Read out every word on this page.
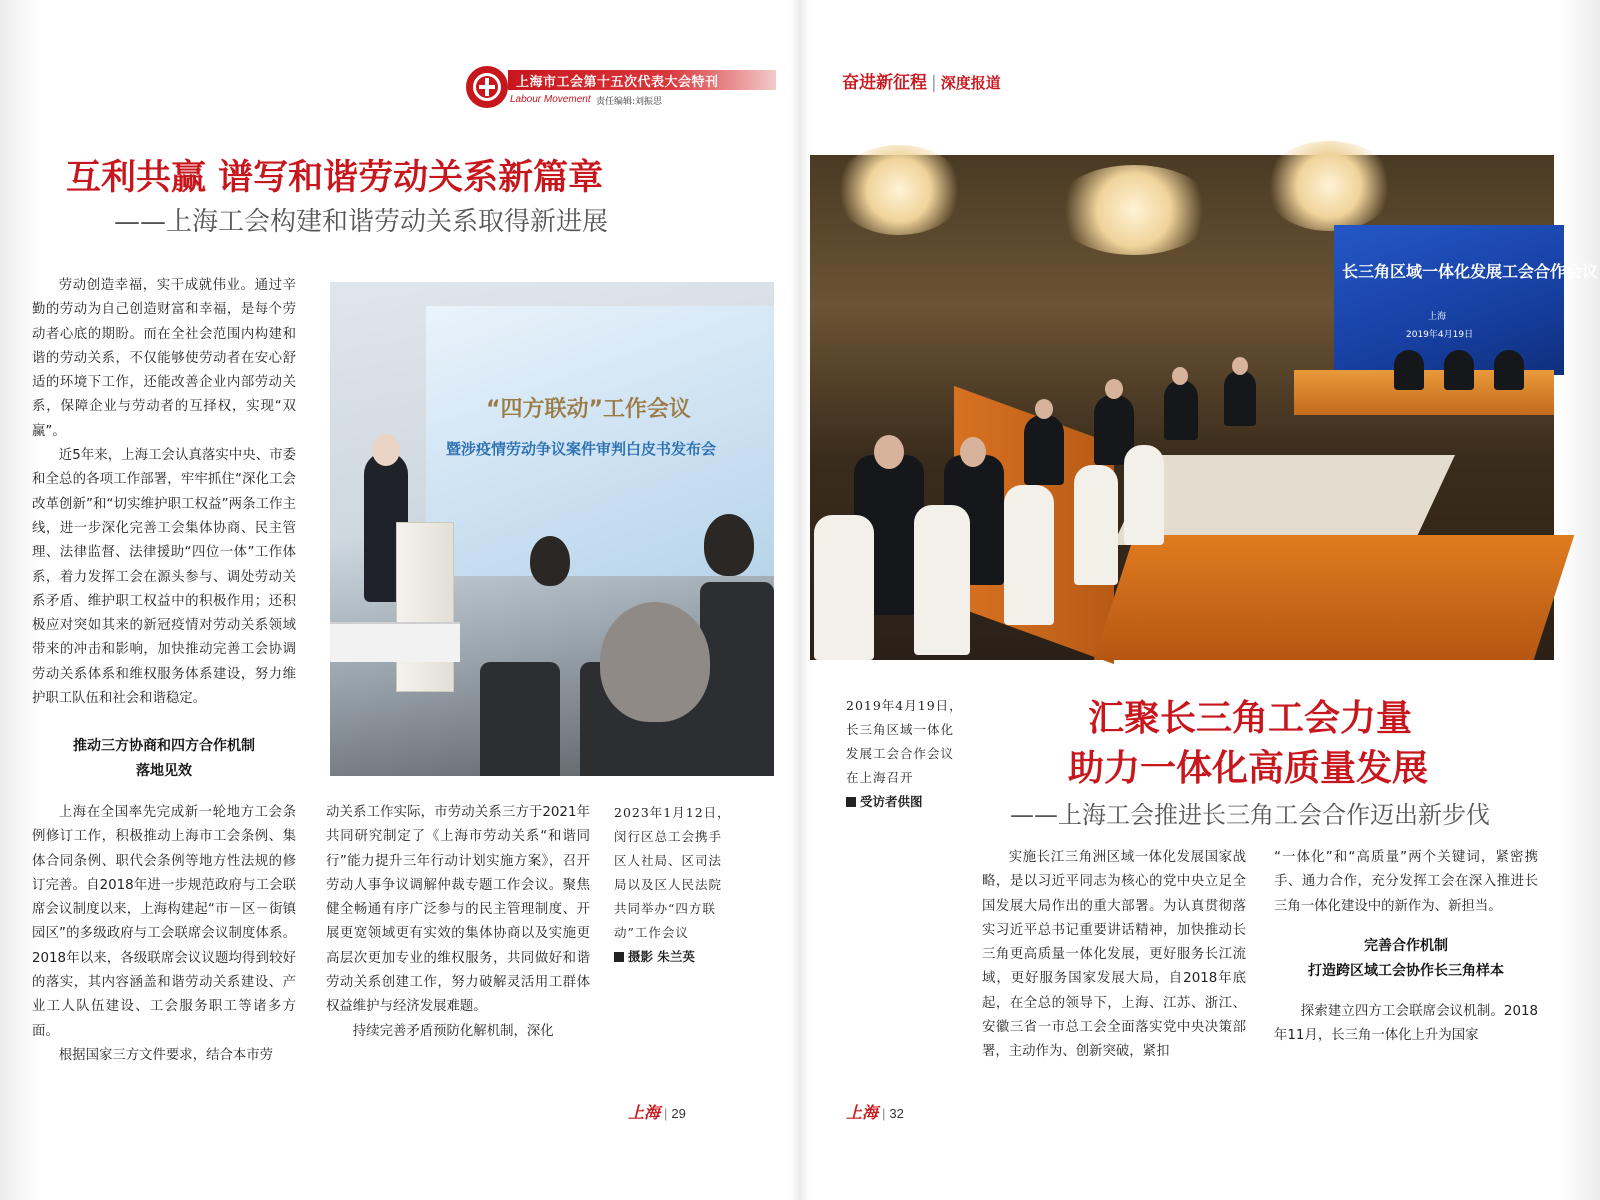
上海市工会第十五次代表大会特刊
Labour Movement 责任编辑:刘振思
互利共赢 谱写和谐劳动关系新篇章
——上海工会构建和谐劳动关系取得新进展

劳动创造幸福，实干成就伟业。通过辛勤的劳动为自己创造财富和幸福，是每个劳动者心底的期盼。而在全社会范围内构建和谐的劳动关系，不仅能够使劳动者在安心舒适的环境下工作，还能改善企业内部劳动关系，保障企业与劳动者的互择权，实现“双赢”。

近5年来，上海工会认真落实中央、市委和全总的各项工作部署，牢牢抓住“深化工会改革创新”和“切实维护职工权益”两条工作主线，进一步深化完善工会集体协商、民主管理、法律监督、法律援助“四位一体”工作体系，着力发挥工会在源头参与、调处劳动关系矛盾、维护职工权益中的积极作用；还积极应对突如其来的新冠疫情对劳动关系领域带来的冲击和影响，加快推动完善工会协调劳动关系体系和维权服务体系建设，努力维护职工队伍和社会和谐稳定。

推动三方协商和四方合作机制
落地见效

上海在全国率先完成新一轮地方工会条例修订工作，积极推动上海市工会条例、集体合同条例、职代会条例等地方性法规的修订完善。自2018年进一步规范政府与工会联席会议制度以来，上海构建起“市－区－街镇园区”的多级政府与工会联席会议制度体系。2018年以来，各级联席会议议题均得到较好的落实，其内容涵盖和谐劳动关系建设、产业工人队伍建设、工会服务职工等诸多方面。

根据国家三方文件要求，结合本市劳

动关系工作实际，市劳动关系三方于2021年共同研究制定了《上海市劳动关系“和谐同行”能力提升三年行动计划实施方案》，召开劳动人事争议调解仲裁专题工作会议。聚焦健全畅通有序广泛参与的民主管理制度、开展更宽领域更有实效的集体协商以及实施更高层次更加专业的维权服务，共同做好和谐劳动关系创建工作，努力破解灵活用工群体权益维护与经济发展难题。

持续完善矛盾预防化解机制，深化

“四方联动”工作会议
暨涉疫情劳动争议案件审判白皮书发布会
2023年1月12日，闵行区总工会携手区人社局、区司法局以及区人民法院共同举办“四方联动”工作会议
摄影 朱兰英
上海 | 29
奋进新征程 | 深度报道
长三角区域一体化发展工会合作会议
上海
2019年4月19日
2019年4月19日，长三角区域一体化发展工会合作会议在上海召开
受访者供图
汇聚长三角工会力量
助力一体化高质量发展
——上海工会推进长三角工会合作迈出新步伐

实施长江三角洲区域一体化发展国家战略，是以习近平同志为核心的党中央立足全国发展大局作出的重大部署。为认真贯彻落实习近平总书记重要讲话精神，加快推动长三角更高质量一体化发展，更好服务长江流域，更好服务国家发展大局，自2018年底起，在全总的领导下，上海、江苏、浙江、安徽三省一市总工会全面落实党中央决策部署，主动作为、创新突破，紧扣

“一体化”和“高质量”两个关键词，紧密携手、通力合作，充分发挥工会在深入推进长三角一体化建设中的新作为、新担当。

完善合作机制
打造跨区域工会协作长三角样本

探索建立四方工会联席会议机制。2018年11月，长三角一体化上升为国家

上海 | 32
